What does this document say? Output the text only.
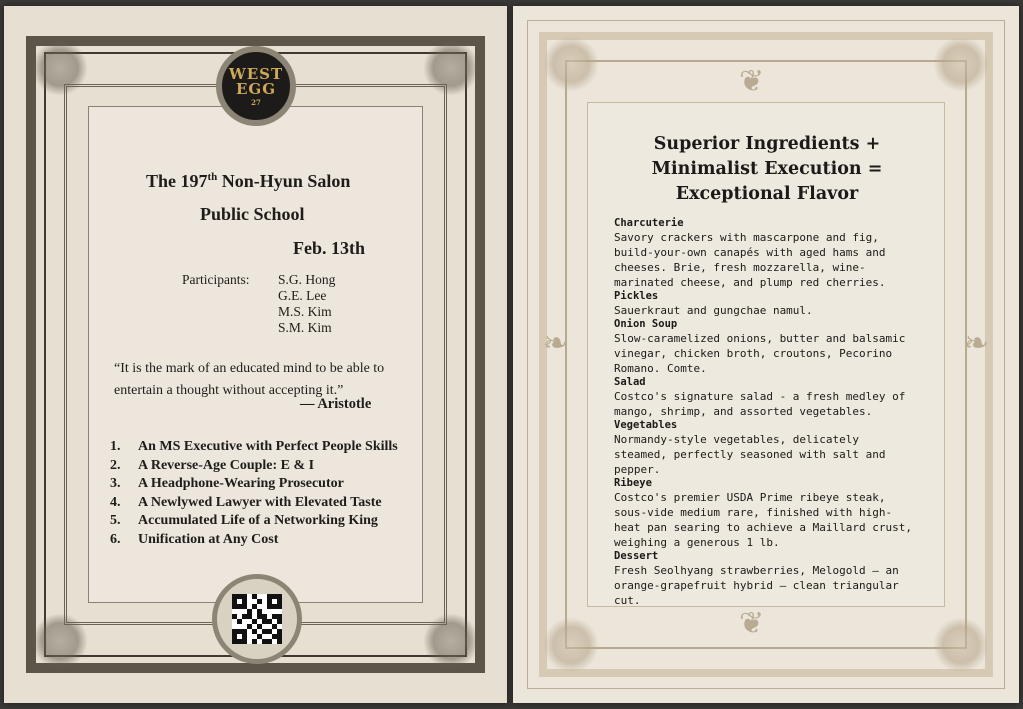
WEST
EGG
27

The 197th Non-Hyun Salon

Public School

Feb. 13th

Participants: S.G. Hong
G.E. Lee
M.S. Kim
S.M. Kim

“It is the mark of an educated mind to be able to entertain a thought without accepting it.”

— Aristotle

1. An MS Executive with Perfect People Skills
2. A Reverse-Age Couple: E & I
3. A Headphone-Wearing Prosecutor
4. A Newlywed Lawyer with Elevated Taste
5. Accumulated Life of a Networking King
6. Unification at Any Cost
❦
❧	❧
❦
Superior Ingredients + Minimalist Execution = Exceptional Flavor
Charcuterie
Savory crackers with mascarpone and fig, build-your-own canapés with aged hams and cheeses. Brie, fresh mozzarella, wine-marinated cheese, and plump red cherries.
Pickles
Sauerkraut and gungchae namul.
Onion Soup
Slow-caramelized onions, butter and balsamic vinegar, chicken broth, croutons, Pecorino Romano. Comte.
Salad
Costco's signature salad - a fresh medley of mango, shrimp, and assorted vegetables.
Vegetables
Normandy-style vegetables, delicately steamed, perfectly seasoned with salt and pepper.
Ribeye
Costco's premier USDA Prime ribeye steak, sous-vide medium rare, finished with high-heat pan searing to achieve a Maillard crust, weighing a generous 1 lb.
Dessert
Fresh Seolhyang strawberries, Melogold — an orange-grapefruit hybrid — clean triangular cut.
